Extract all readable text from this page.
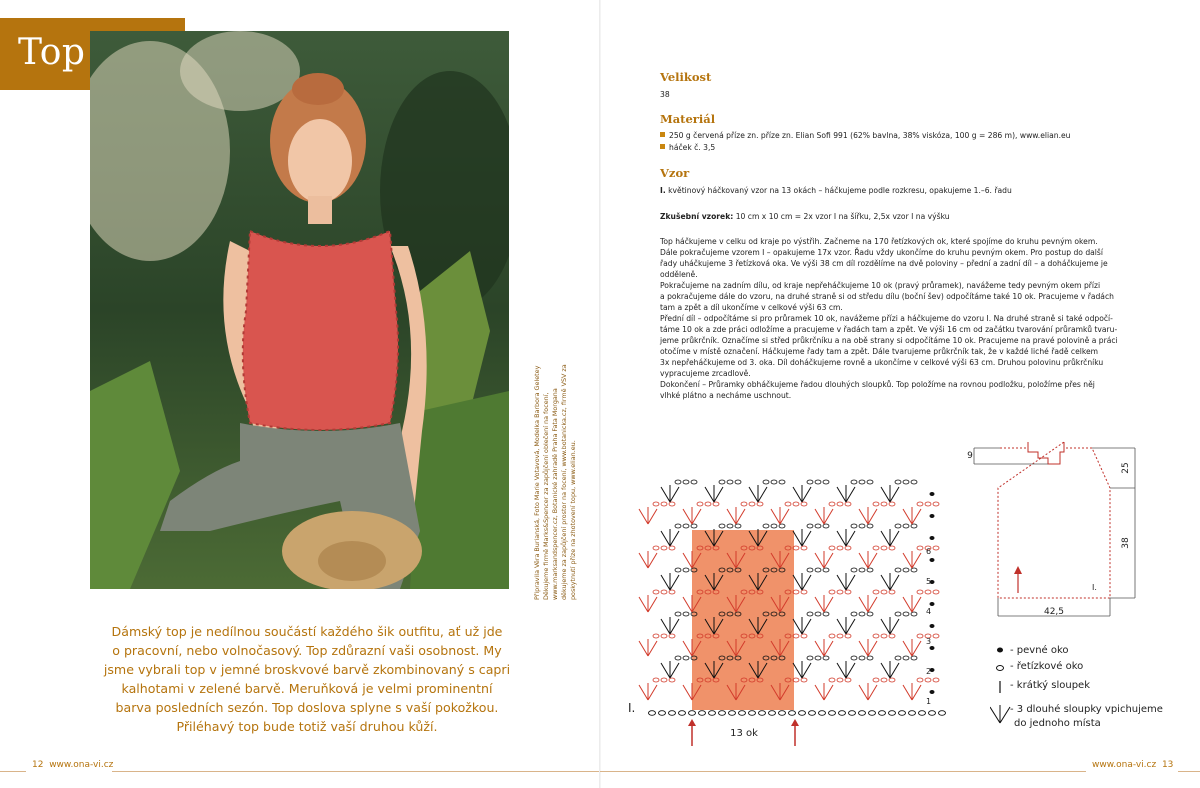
Top
Připravila Věra Burianská, Foto Marie Votavová, Modelka Barbora Geletey Děkujeme firmě Marks&Spencer za zapůjčení oblečení na focení, www.marksandspencer.cz, Botanické zahradě Praha Fata Morgana děkujeme za zapůjčení prostor na focení, www.botanicka.cz, firmě VSV za poskytnutí příze na zhotovení topu, www.elian.eu.
Dámský top je nedílnou součástí každého šik outfitu, ať už jde
o pracovní, nebo volnočasový. Top zdůrazní vaši osobnost. My
jsme vybrali top v jemné broskvové barvě zkombinovaný s capri
kalhotami v zelené barvě. Meruňková je velmi prominentní
barva posledních sezón. Top doslova splyne s vaší pokožkou.
Přiléhavý top bude totiž vaší druhou kůží.
12 www.ona-vi.cz
Velikost
38
Materiál
250 g červená příze zn. příze zn. Elian Sofi 991 (62% bavlna, 38% viskóza, 100 g = 286 m), www.elian.eu
háček č. 3,5
Vzor
I. květinový háčkovaný vzor na 13 okách – háčkujeme podle rozkresu, opakujeme 1.–6. řadu
Zkušební vzorek: 10 cm x 10 cm = 2x vzor I na šířku, 2,5x vzor I na výšku
Top háčkujeme v celku od kraje po výstřih. Začneme na 170 řetízkových ok, které spojíme do kruhu pevným okem.
Dále pokračujeme vzorem I – opakujeme 17x vzor. Řadu vždy ukončíme do kruhu pevným okem. Pro postup do další
řady uháčkujeme 3 řetízková oka. Ve výši 38 cm díl rozdělíme na dvě poloviny – přední a zadní díl – a doháčkujeme je
odděleně.
Pokračujeme na zadním dílu, od kraje nepřeháčkujeme 10 ok (pravý průramek), navážeme tedy pevným okem přízi
a pokračujeme dále do vzoru, na druhé straně si od středu dílu (boční šev) odpočítáme také 10 ok. Pracujeme v řadách
tam a zpět a díl ukončíme v celkové výši 63 cm.
Přední díl – odpočítáme si pro průramek 10 ok, navážeme přízi a háčkujeme do vzoru I. Na druhé straně si také odpočí-
táme 10 ok a zde práci odložíme a pracujeme v řadách tam a zpět. Ve výši 16 cm od začátku tvarování průramků tvaru-
jeme průkrčník. Označíme si střed průkrčníku a na obě strany si odpočítáme 10 ok. Pracujeme na pravé polovině a práci
otočíme v místě označení. Háčkujeme řady tam a zpět. Dále tvarujeme průkrčník tak, že v každé liché řadě celkem
3x nepřeháčkujeme od 3. oka. Díl doháčkujeme rovně a ukončíme v celkové výši 63 cm. Druhou polovinu průkrčníku
vypracujeme zrcadlově.
Dokončení – Průramky obháčkujeme řadou dlouhých sloupků. Top položíme na rovnou podložku, položíme přes něj
vlhké plátno a necháme uschnout.
I.
13 ok
6
5
4
3
2
1
9
25
38
42,5
I.
- pevné oko
- řetízkové oko
- krátký sloupek
- 3 dlouhé sloupky vpichujeme
do jednoho místa
www.ona-vi.cz 13
